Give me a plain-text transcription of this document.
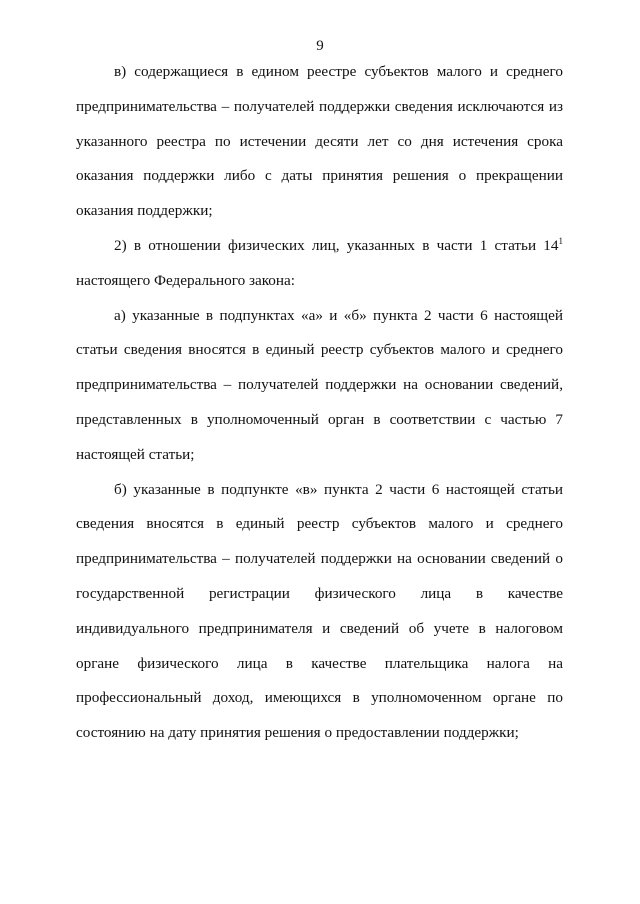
9

в) содержащиеся в едином реестре субъектов малого и среднего предпринимательства – получателей поддержки сведения исключаются из указанного реестра по истечении десяти лет со дня истечения срока оказания поддержки либо с даты принятия решения о прекращении оказания поддержки;

2) в отношении физических лиц, указанных в части 1 статьи $14^1$ настоящего Федерального закона:

а) указанные в подпунктах «а» и «б» пункта 2 части 6 настоящей статьи сведения вносятся в единый реестр субъектов малого и среднего предпринимательства – получателей поддержки на основании сведений, представленных в уполномоченный орган в соответствии с частью 7 настоящей статьи;

б) указанные в подпункте «в» пункта 2 части 6 настоящей статьи сведения вносятся в единый реестр субъектов малого и среднего предпринимательства – получателей поддержки на основании сведений о государственной регистрации физического лица в качестве индивидуального предпринимателя и сведений об учете в налоговом органе физического лица в качестве плательщика налога на профессиональный доход, имеющихся в уполномоченном органе по состоянию на дату принятия решения о предоставлении поддержки;
